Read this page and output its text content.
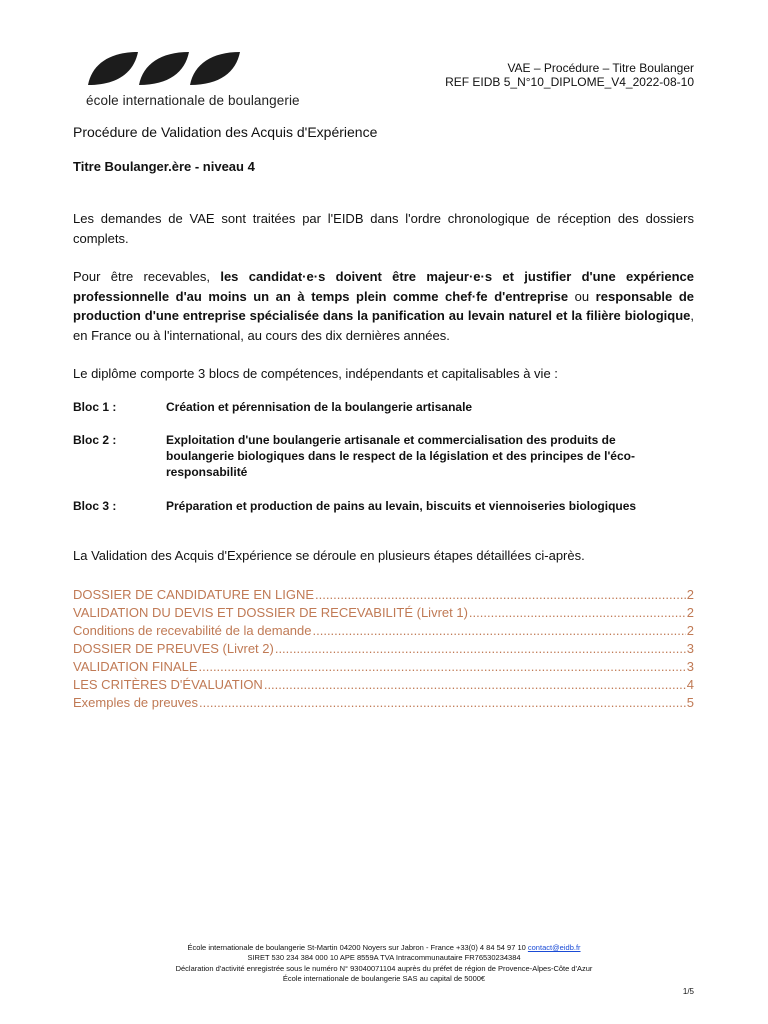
école internationale de boulangerie
VAE – Procédure – Titre Boulanger
REF EIDB 5_N°10_DIPLOME_V4_2022-08-10
Procédure de Validation des Acquis d'Expérience
Titre Boulanger.ère - niveau 4
Les demandes de VAE sont traitées par l'EIDB dans l'ordre chronologique de réception des dossiers complets.
Pour être recevables, les candidat·e·s doivent être majeur·e·s et justifier d'une expérience professionnelle d'au moins un an à temps plein comme chef·fe d'entreprise ou responsable de production d'une entreprise spécialisée dans la panification au levain naturel et la filière biologique, en France ou à l'international, au cours des dix dernières années.
Le diplôme comporte 3 blocs de compétences, indépendants et capitalisables à vie :
Bloc 1 :	Création et pérennisation de la boulangerie artisanale
Bloc 2 :	Exploitation d'une boulangerie artisanale et commercialisation des produits de boulangerie biologiques dans le respect de la législation et des principes de l'éco-responsabilité
Bloc 3 :	Préparation et production de pains au levain, biscuits et viennoiseries biologiques
La Validation des Acquis d'Expérience se déroule en plusieurs étapes détaillées ci-après.
DOSSIER DE CANDIDATURE EN LIGNE .....	2
VALIDATION DU DEVIS ET DOSSIER DE RECEVABILITÉ (Livret 1) .....	2
Conditions de recevabilité de la demande .....	2
DOSSIER DE PREUVES (Livret 2) .....	3
VALIDATION FINALE .....	3
LES CRITÈRES D'ÉVALUATION .....	4
Exemples de preuves .....	5
École internationale de boulangerie St-Martin 04200 Noyers sur Jabron - France +33(0) 4 84 54 97 10 contact@eidb.fr
SIRET 530 234 384 000 10 APE 8559A TVA Intracommunautaire FR76530234384
Déclaration d'activité enregistrée sous le numéro N° 93040071104 auprès du préfet de région de Provence-Alpes-Côte d'Azur
École internationale de boulangerie SAS au capital de 5000€
1/5
